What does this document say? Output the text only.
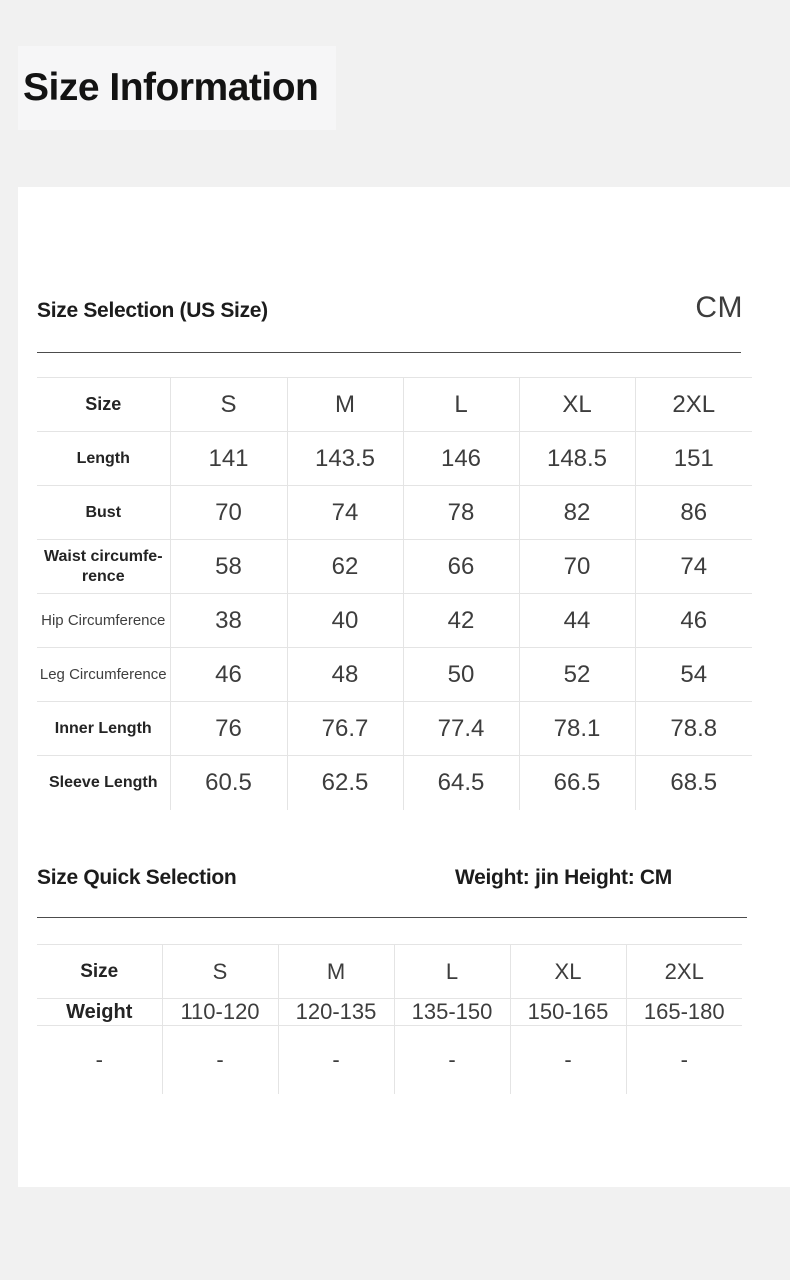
Size Information
Size Selection (US Size)	CM
Size	S	M	L	XL	2XL
Length	141	143.5	146	148.5	151
Bust	70	74	78	82	86
Waist circumfe-rence	58	62	66	70	74
Hip Circumference	38	40	42	44	46
Leg Circumference	46	48	50	52	54
Inner Length	76	76.7	77.4	78.1	78.8
Sleeve Length	60.5	62.5	64.5	66.5	68.5
Size Quick Selection	Weight: jin Height: CM
Size	S	M	L	XL	2XL
Weight	110-120	120-135	135-150	150-165	165-180
-	-	-	-	-	-
